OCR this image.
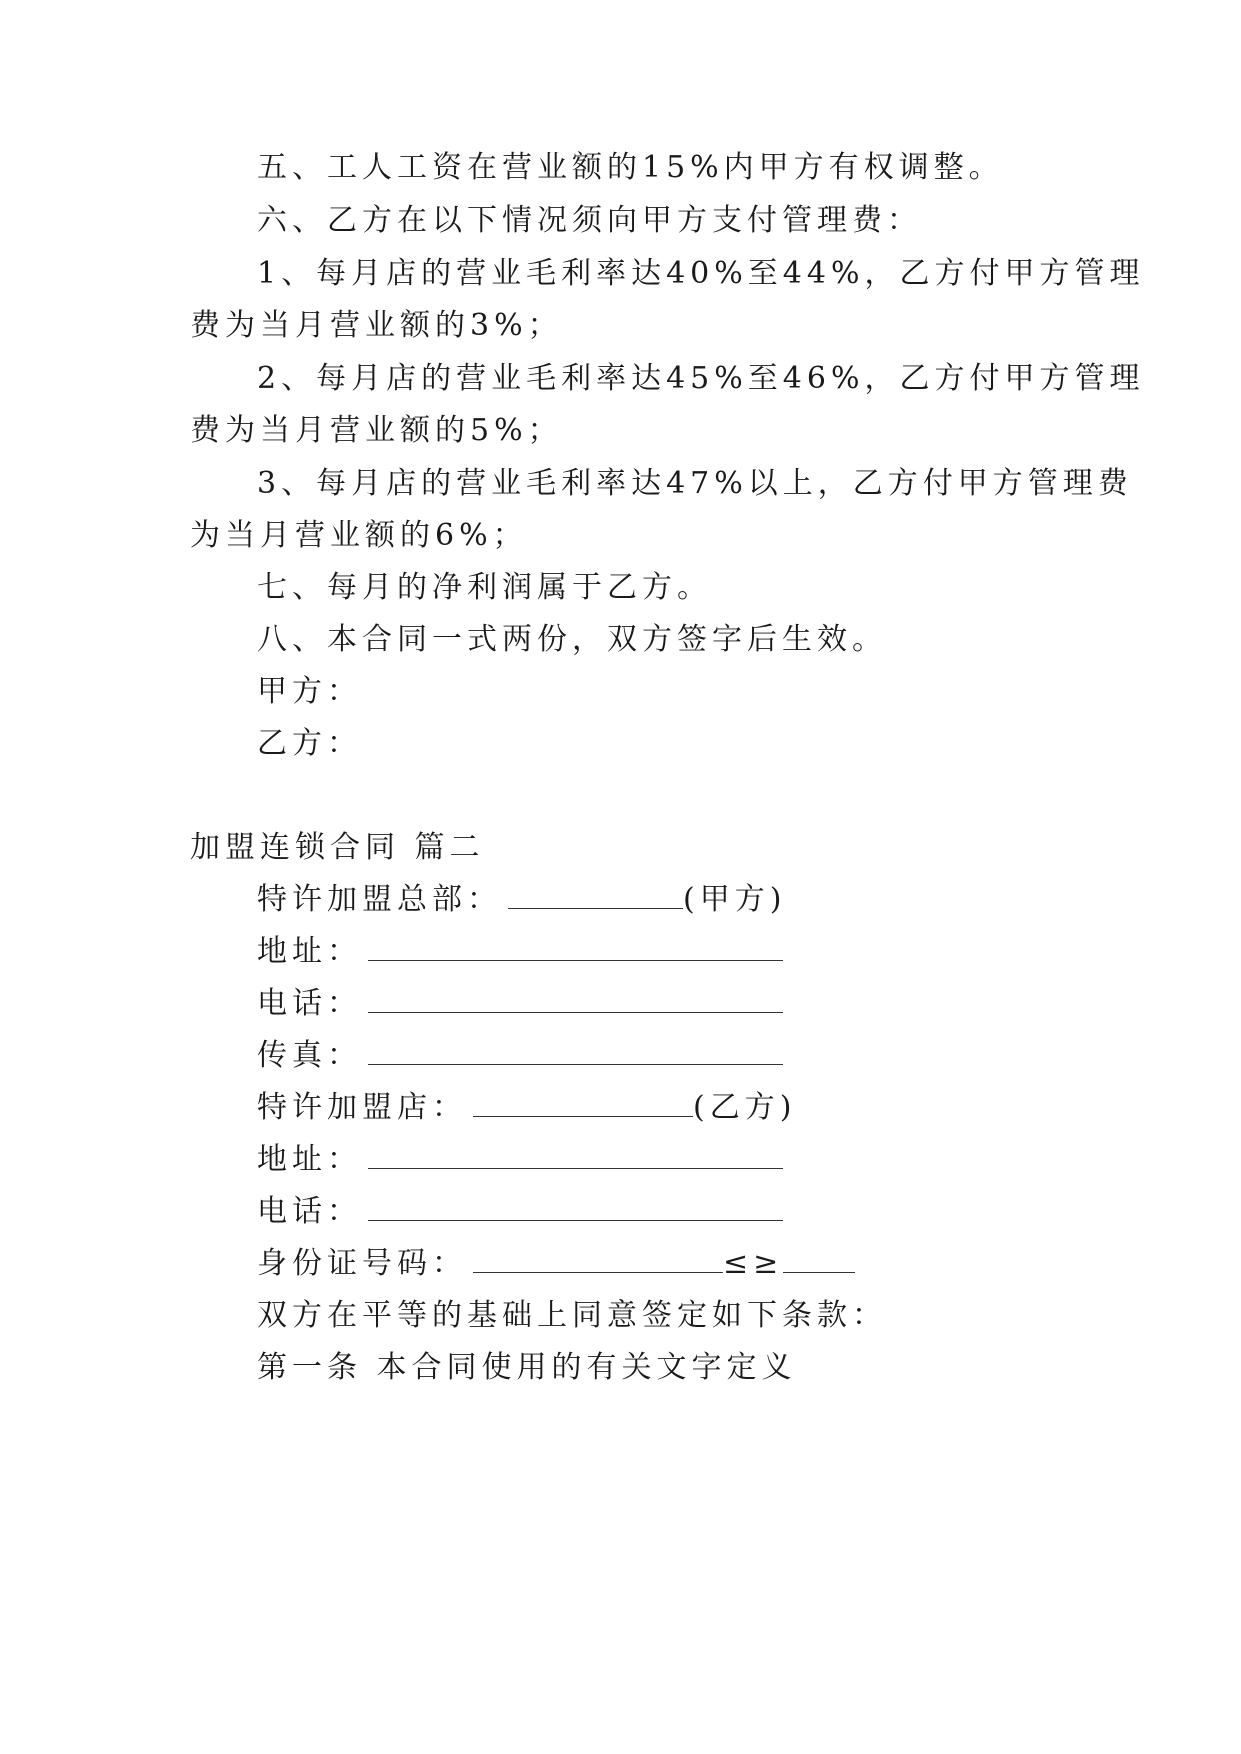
五、工人工资在营业额的15%内甲方有权调整。
六、乙方在以下情况须向甲方支付管理费：
1、每月店的营业毛利率达40%至44%，乙方付甲方管理
费为当月营业额的3%；
2、每月店的营业毛利率达45%至46%，乙方付甲方管理
费为当月营业额的5%；
3、每月店的营业毛利率达47%以上，乙方付甲方管理费
为当月营业额的6%；
七、每月的净利润属于乙方。
八、本合同一式两份，双方签字后生效。
甲方：
乙方：
加盟连锁合同 篇二
特许加盟总部：	(甲方)
地址：
电话：
传真：
特许加盟店：	(乙方)
地址：
电话：
身份证号码：	≤≥
双方在平等的基础上同意签定如下条款：
第一条 本合同使用的有关文字定义
